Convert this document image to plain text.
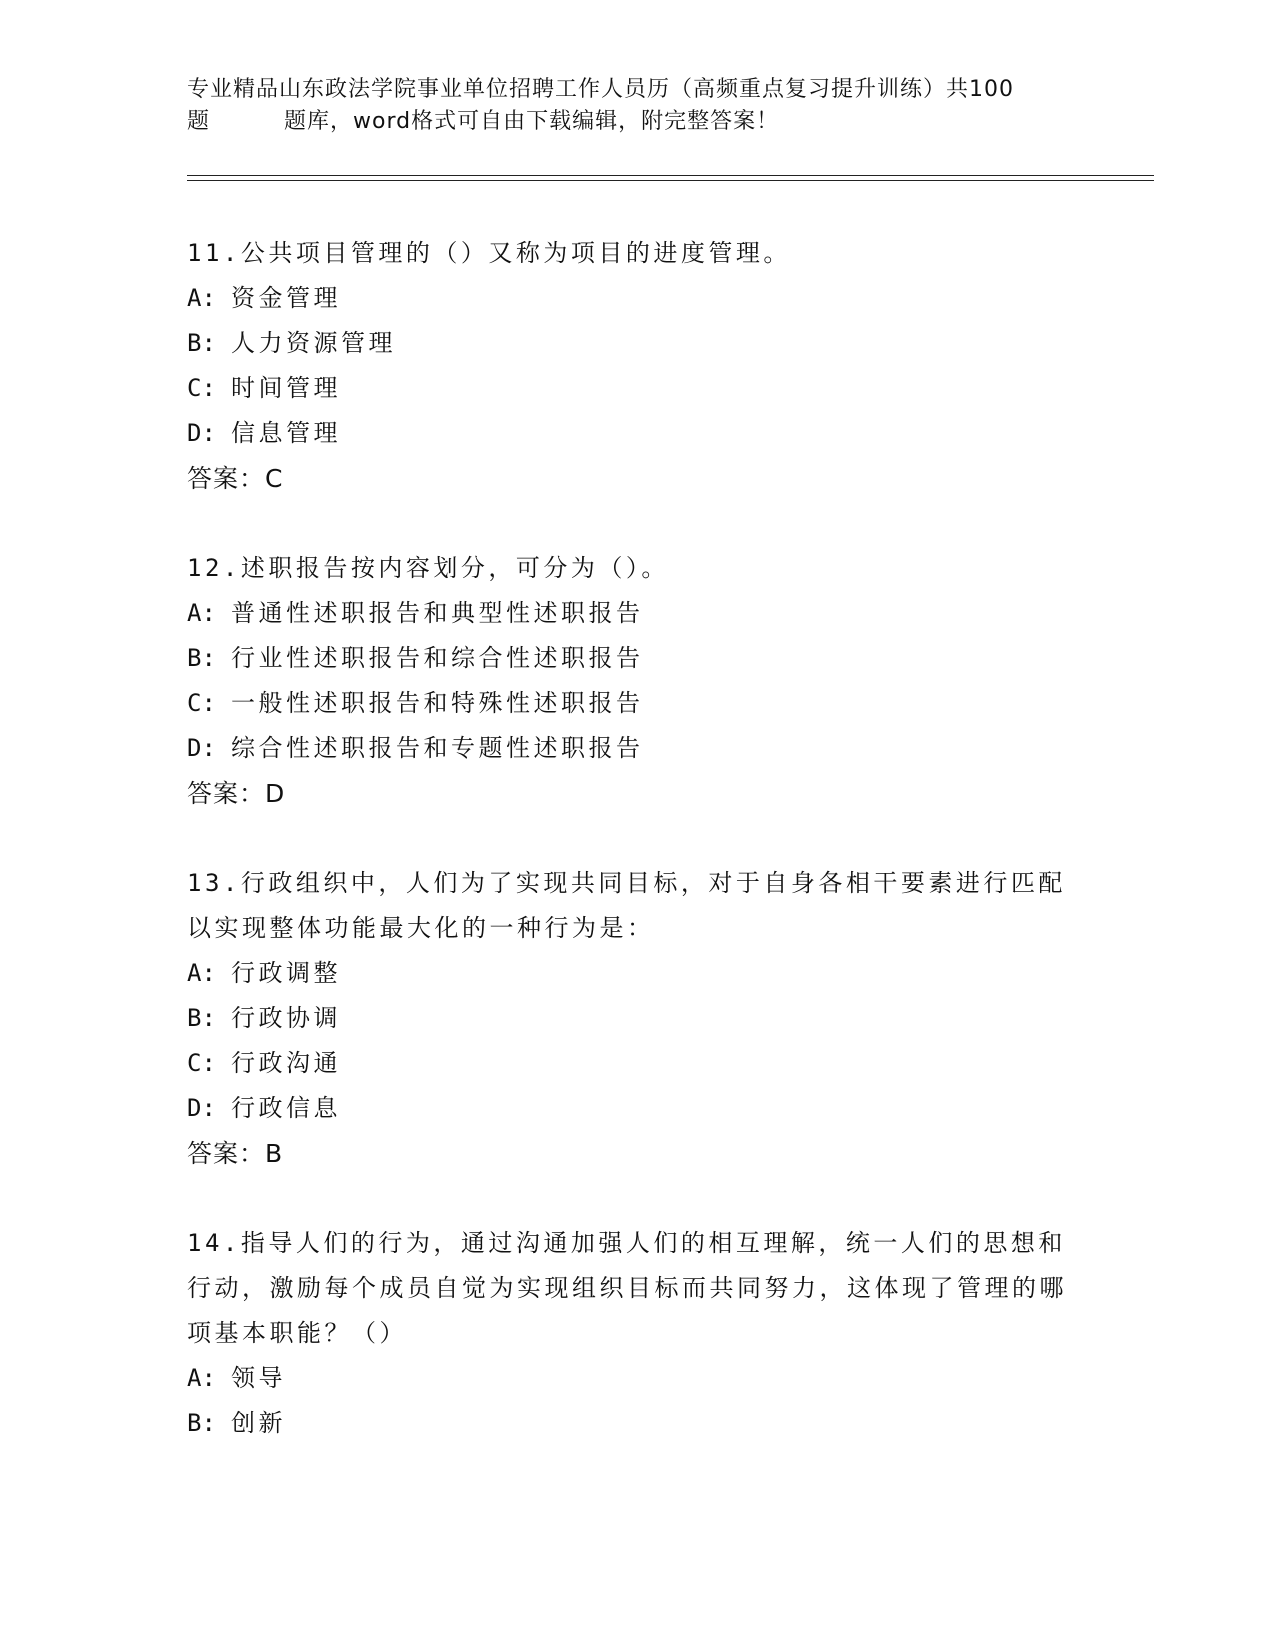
专业精品山东政法学院事业单位招聘工作人员历（高频重点复习提升训练）共100
题	题库，word格式可自由下载编辑，附完整答案！
11.公共项目管理的（）又称为项目的进度管理。
A: 资金管理
B: 人力资源管理
C: 时间管理
D: 信息管理
答案：C
12.述职报告按内容划分，可分为（）。
A: 普通性述职报告和典型性述职报告
B: 行业性述职报告和综合性述职报告
C: 一般性述职报告和特殊性述职报告
D: 综合性述职报告和专题性述职报告
答案：D
13.行政组织中，人们为了实现共同目标，对于自身各相干要素进行匹配以实现整体功能最大化的一种行为是：
A: 行政调整
B: 行政协调
C: 行政沟通
D: 行政信息
答案：B
14.指导人们的行为，通过沟通加强人们的相互理解，统一人们的思想和行动，激励每个成员自觉为实现组织目标而共同努力，这体现了管理的哪项基本职能？（）
A: 领导
B: 创新
